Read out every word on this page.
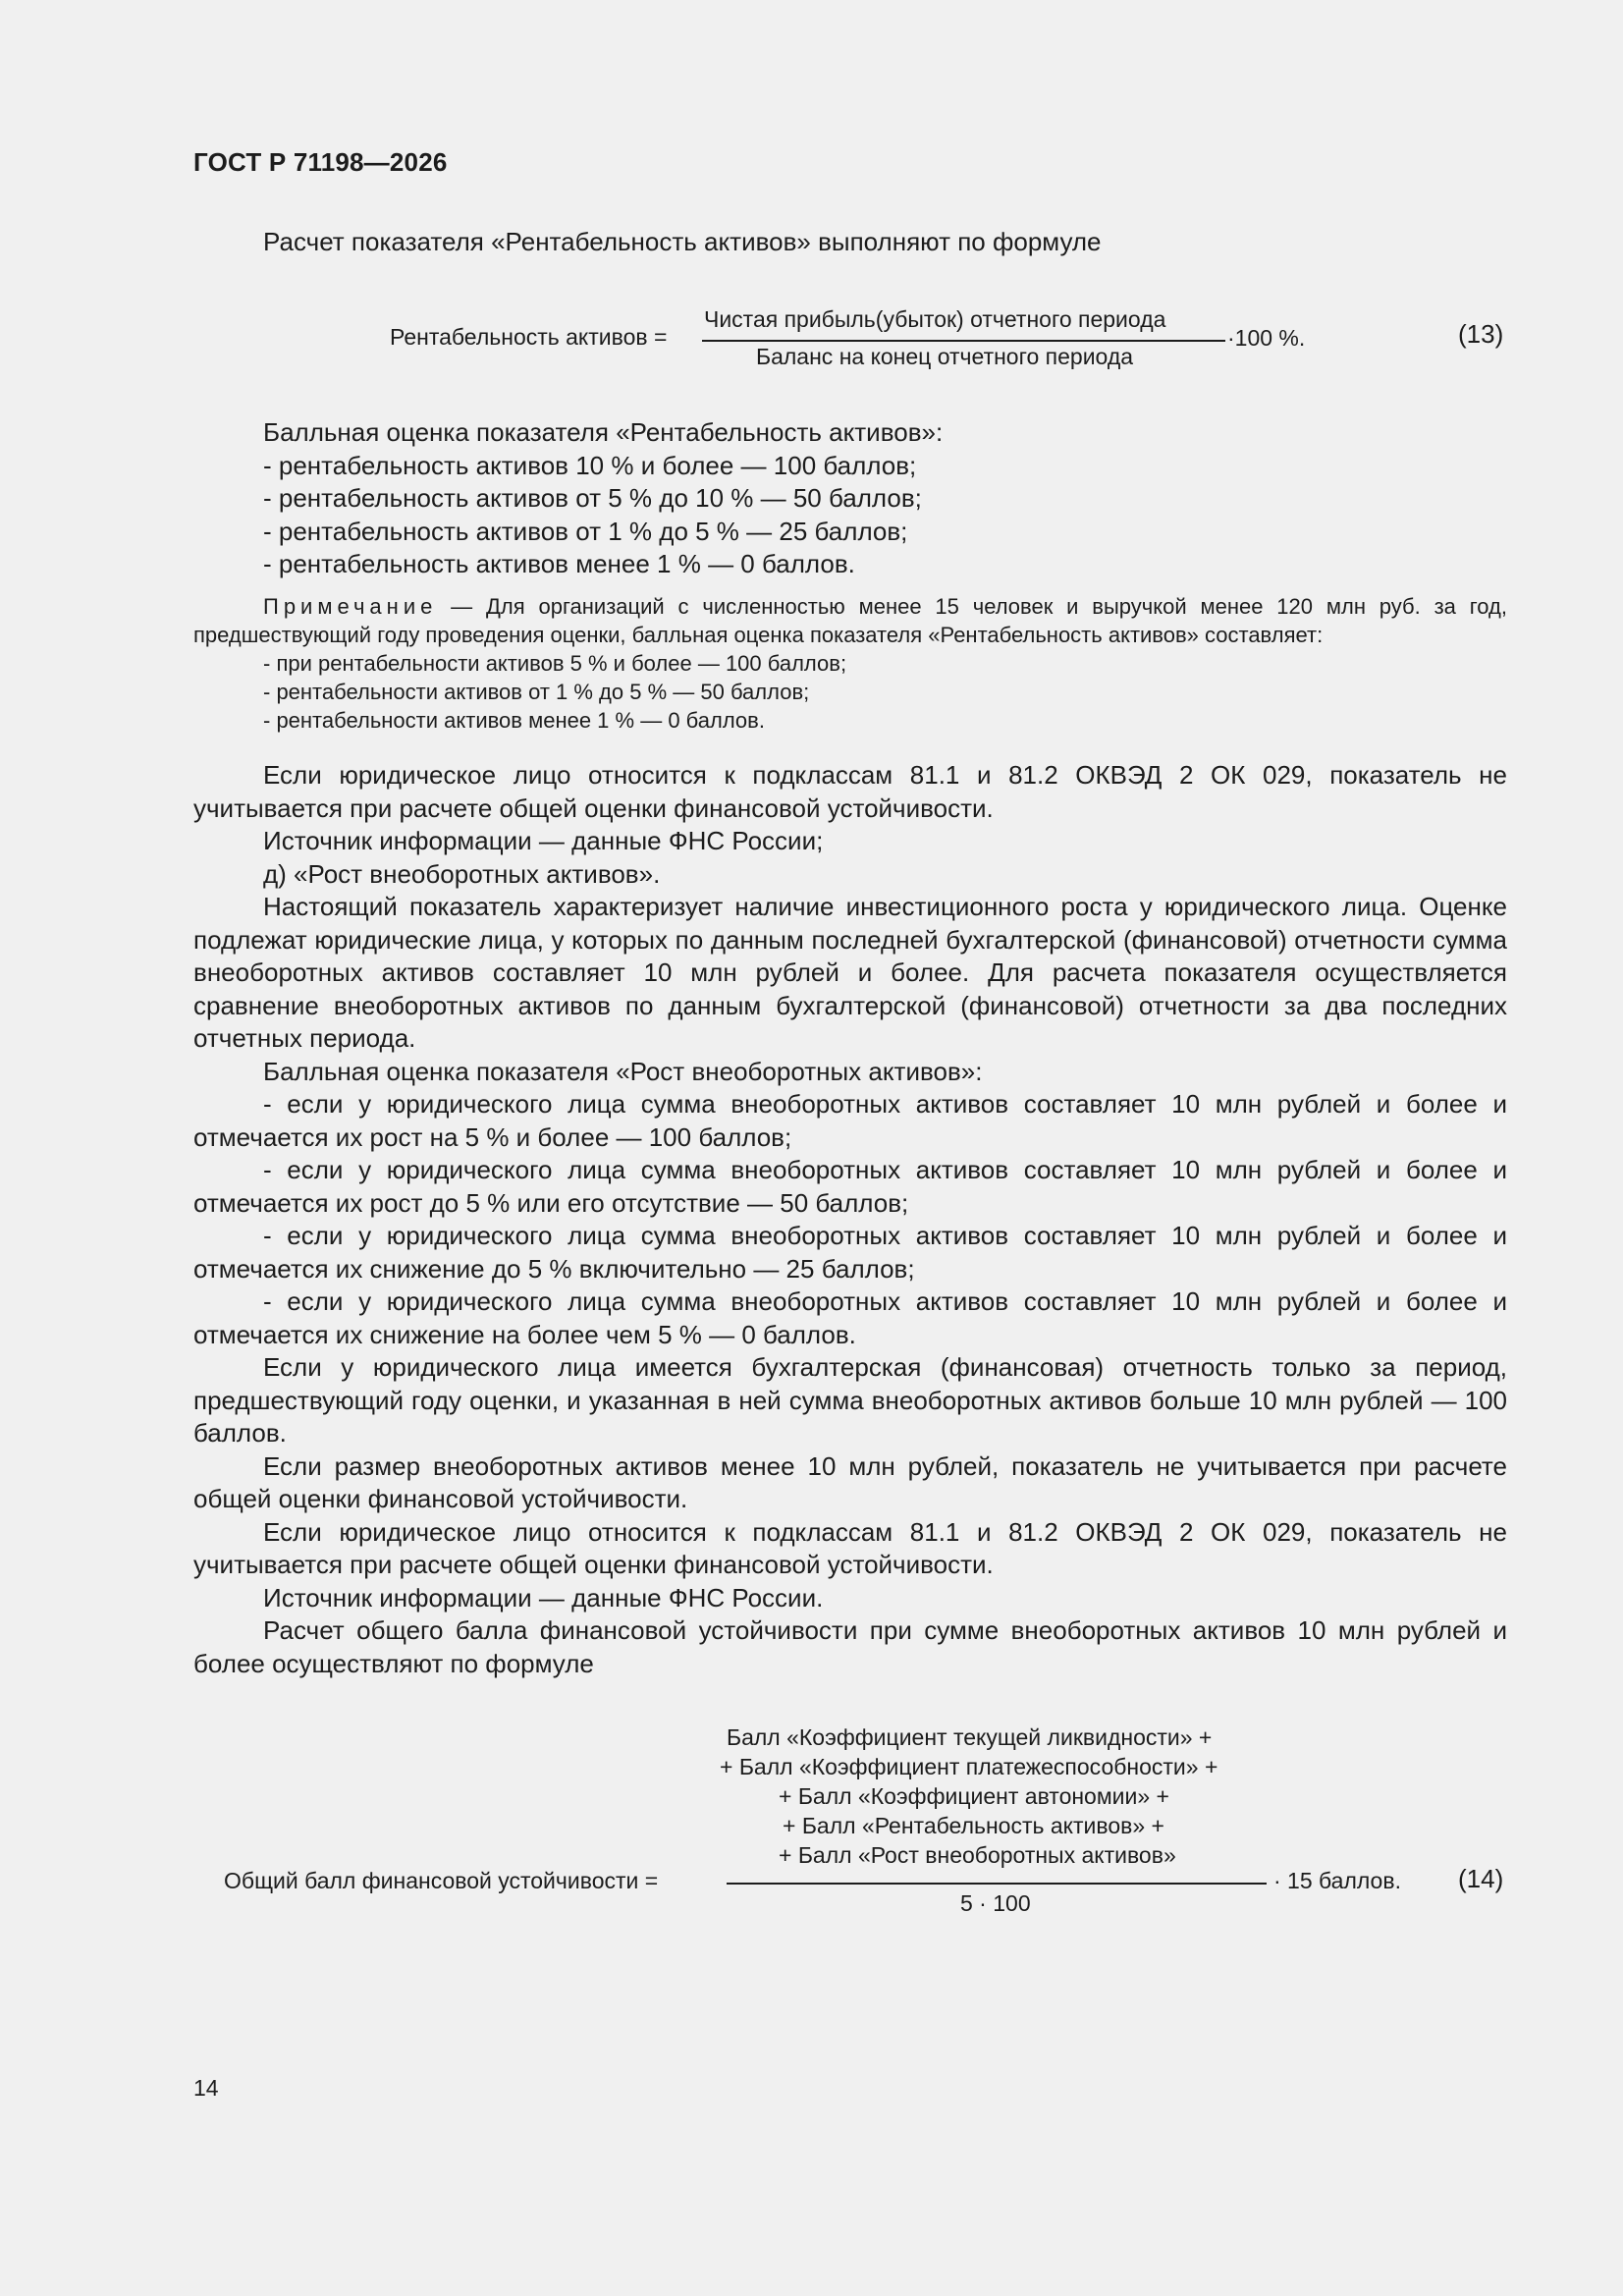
ГОСТ Р 71198—2026

Расчет показателя «Рентабельность активов» выполняют по формуле

Рентабельность активов =
Чистая прибыль(убыток) отчетного периода
Баланс на конец отчетного периода
·100 %.	(13)

Балльная оценка показателя «Рентабельность активов»:

- рентабельность активов 10 % и более — 100 баллов;

- рентабельность активов от 5 % до 10 % — 50 баллов;

- рентабельность активов от 1 % до 5 % — 25 баллов;

- рентабельность активов менее 1 % — 0 баллов.

Примечание — Для организаций с численностью менее 15 человек и выручкой менее 120 млн руб. за год, предшествующий году проведения оценки, балльная оценка показателя «Рентабельность активов» составляет:

- при рентабельности активов 5 % и более — 100 баллов;

- рентабельности активов от 1 % до 5 % — 50 баллов;

- рентабельности активов менее 1 % — 0 баллов.

Если юридическое лицо относится к подклассам 81.1 и 81.2 ОКВЭД 2 ОК 029, показатель не учитывается при расчете общей оценки финансовой устойчивости.

Источник информации — данные ФНС России;

д) «Рост внеоборотных активов».

Настоящий показатель характеризует наличие инвестиционного роста у юридического лица. Оценке подлежат юридические лица, у которых по данным последней бухгалтерской (финансовой) отчетности сумма внеоборотных активов составляет 10 млн рублей и более. Для расчета показателя осуществляется сравнение внеоборотных активов по данным бухгалтерской (финансовой) отчетности за два последних отчетных периода.

Балльная оценка показателя «Рост внеоборотных активов»:

- если у юридического лица сумма внеоборотных активов составляет 10 млн рублей и более и отмечается их рост на 5 % и более — 100 баллов;

- если у юридического лица сумма внеоборотных активов составляет 10 млн рублей и более и отмечается их рост до 5 % или его отсутствие — 50 баллов;

- если у юридического лица сумма внеоборотных активов составляет 10 млн рублей и более и отмечается их снижение до 5 % включительно — 25 баллов;

- если у юридического лица сумма внеоборотных активов составляет 10 млн рублей и более и отмечается их снижение на более чем 5 % — 0 баллов.

Если у юридического лица имеется бухгалтерская (финансовая) отчетность только за период, предшествующий году оценки, и указанная в ней сумма внеоборотных активов больше 10 млн рублей — 100 баллов.

Если размер внеоборотных активов менее 10 млн рублей, показатель не учитывается при расчете общей оценки финансовой устойчивости.

Если юридическое лицо относится к подклассам 81.1 и 81.2 ОКВЭД 2 ОК 029, показатель не учитывается при расчете общей оценки финансовой устойчивости.

Источник информации — данные ФНС России.

Расчет общего балла финансовой устойчивости при сумме внеоборотных активов 10 млн рублей и более осуществляют по формуле

Балл «Коэффициент текущей ликвидности» +
+ Балл «Коэффициент платежеспособности» +
+ Балл «Коэффициент автономии» +
+ Балл «Рентабельность активов» +
+ Балл «Рост внеоборотных активов»
Общий балл финансовой устойчивости =
5 · 100
· 15 баллов. (14)
14
